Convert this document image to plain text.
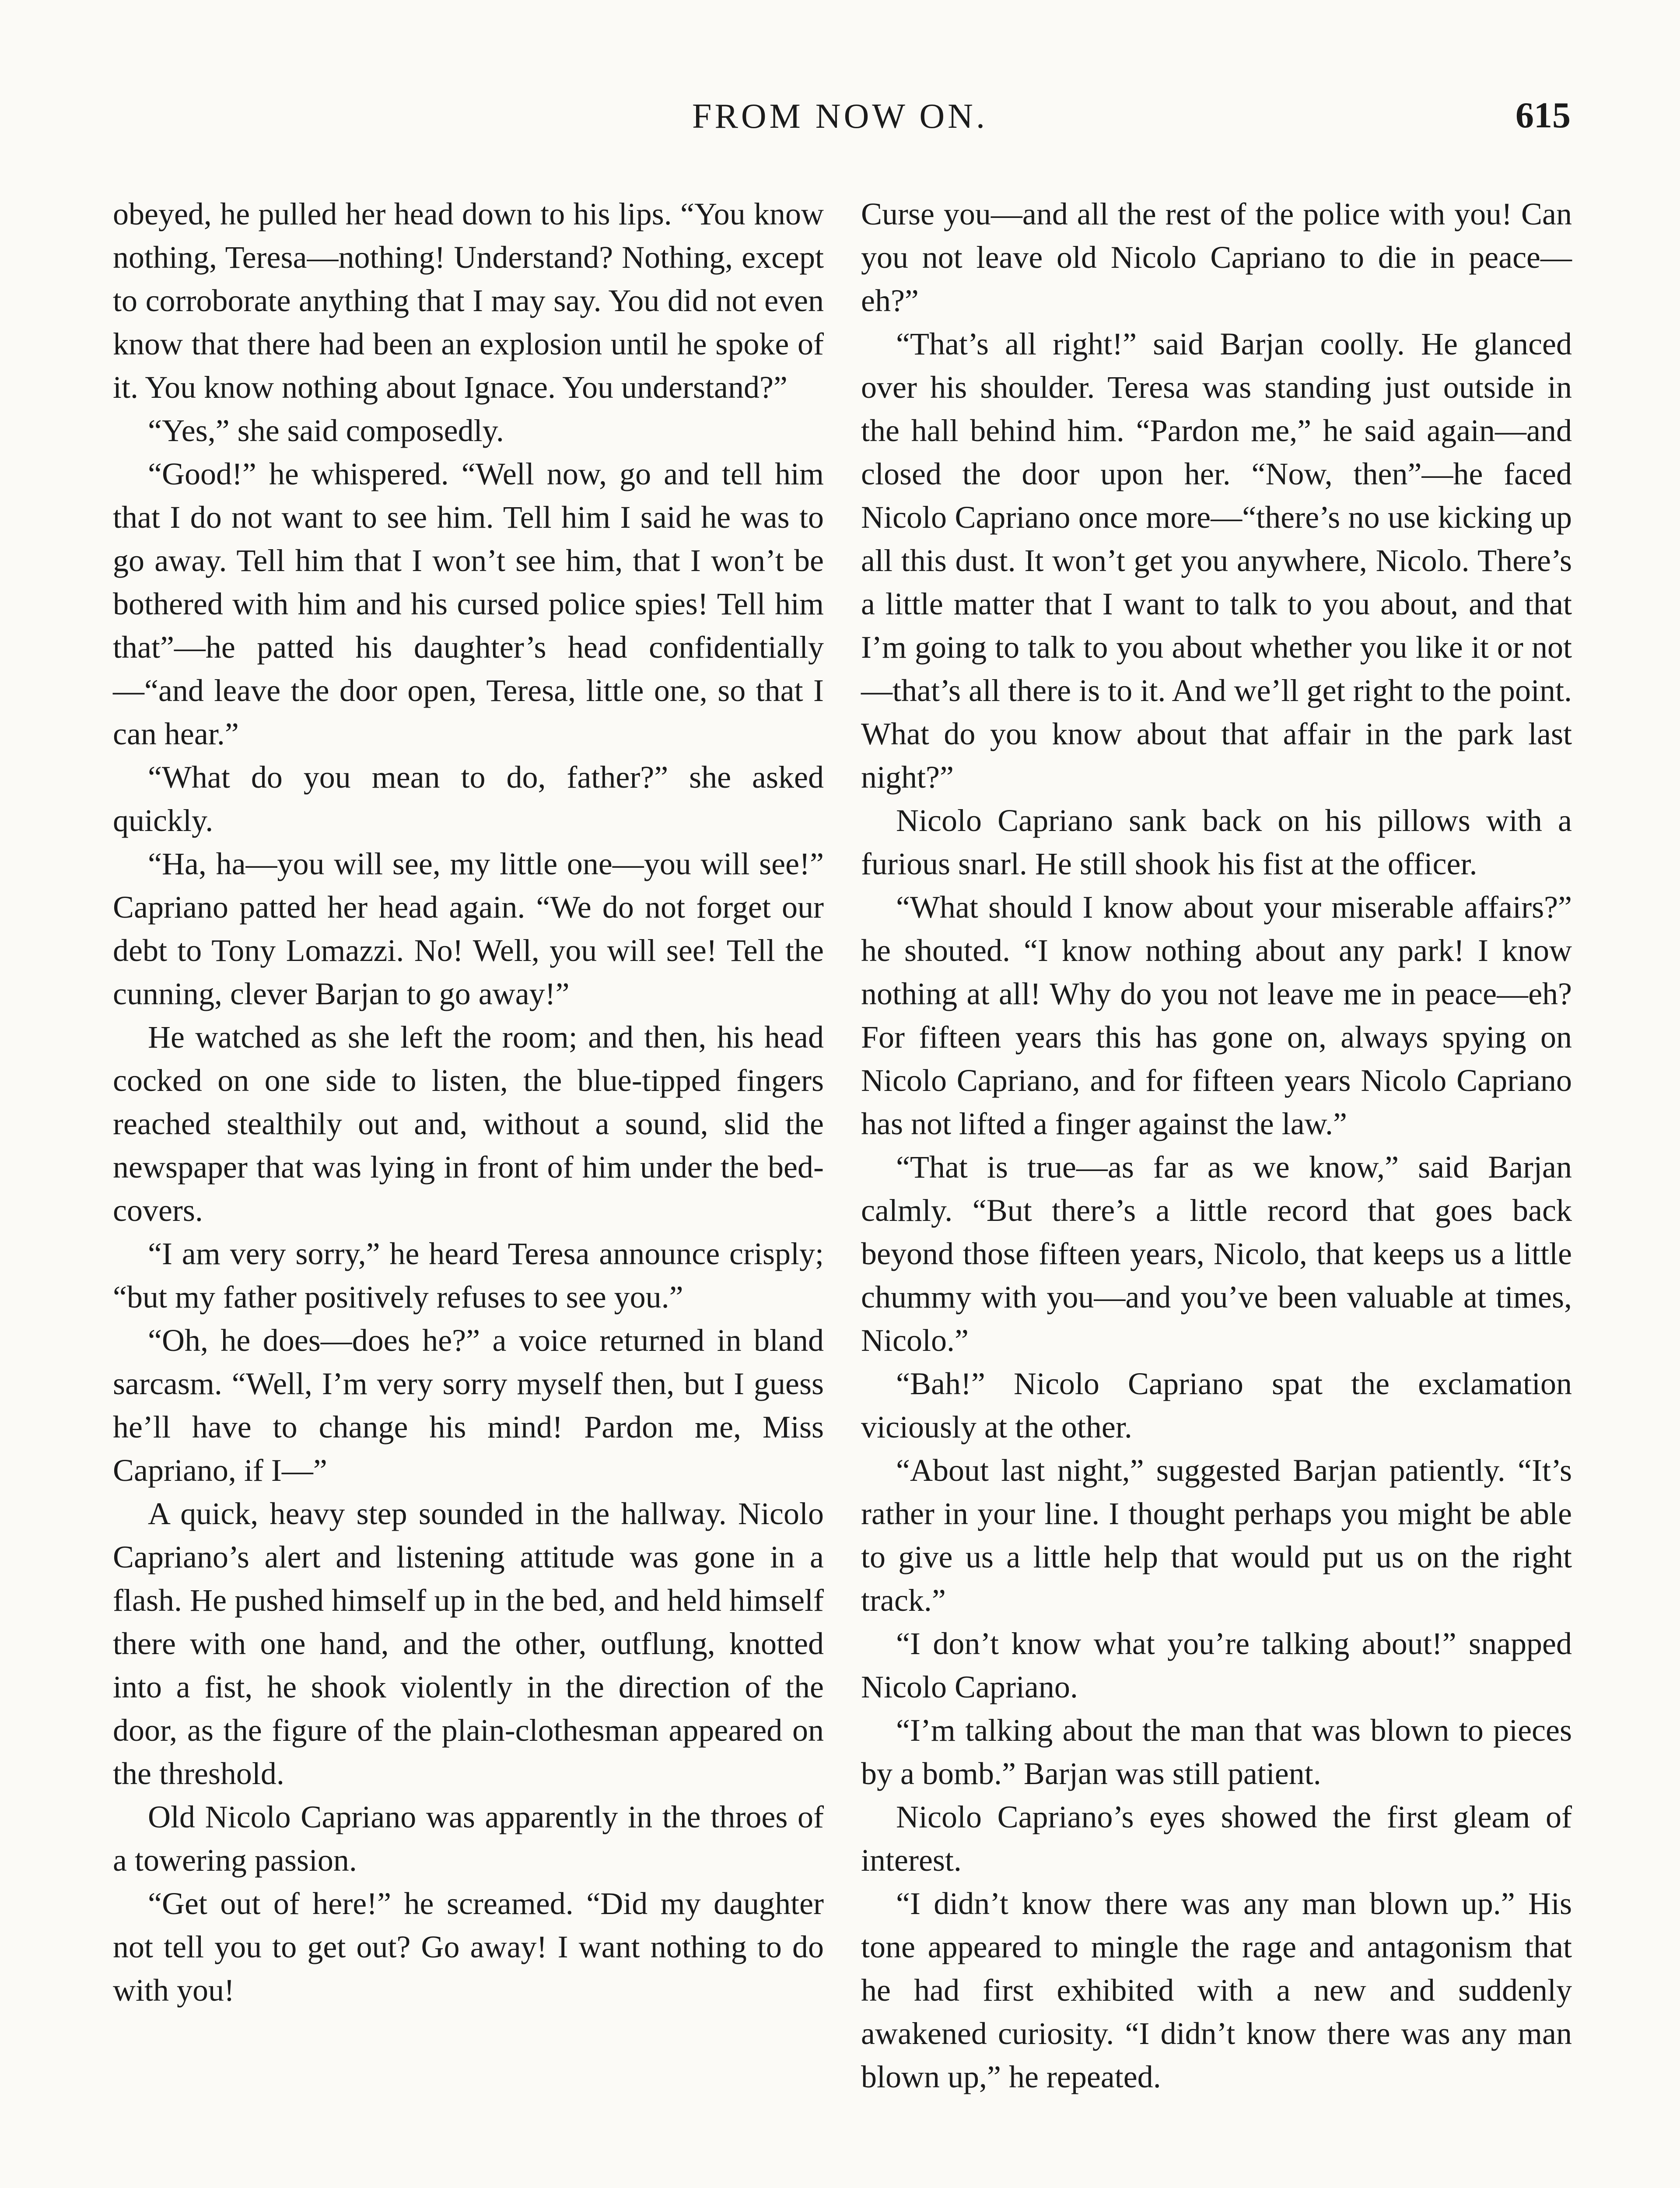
FROM NOW ON.	615

obeyed, he pulled her head down to his lips. “You know nothing, Teresa—nothing! Understand? Nothing, except to corroborate anything that I may say. You did not even know that there had been an explosion until he spoke of it. You know nothing about Ignace. You understand?”

“Yes,” she said composedly.

“Good!” he whispered. “Well now, go and tell him that I do not want to see him. Tell him I said he was to go away. Tell him that I won’t see him, that I won’t be bothered with him and his cursed police spies! Tell him that”—he patted his daughter’s head confidentially—“and leave the door open, Teresa, little one, so that I can hear.”

“What do you mean to do, father?” she asked quickly.

“Ha, ha—you will see, my little one—you will see!” Capriano patted her head again. “We do not forget our debt to Tony Lomazzi. No! Well, you will see! Tell the cunning, clever Barjan to go away!”

He watched as she left the room; and then, his head cocked on one side to listen, the blue-tipped fingers reached stealthily out and, without a sound, slid the newspaper that was lying in front of him under the bed-covers.

“I am very sorry,” he heard Teresa announce crisply; “but my father positively refuses to see you.”

“Oh, he does—does he?” a voice returned in bland sarcasm. “Well, I’m very sorry myself then, but I guess he’ll have to change his mind! Pardon me, Miss Capriano, if I—”

A quick, heavy step sounded in the hallway. Nicolo Capriano’s alert and listening attitude was gone in a flash. He pushed himself up in the bed, and held himself there with one hand, and the other, outflung, knotted into a fist, he shook violently in the direction of the door, as the figure of the plain-clothesman appeared on the threshold.

Old Nicolo Capriano was apparently in the throes of a towering passion.

“Get out of here!” he screamed. “Did my daughter not tell you to get out? Go away! I want nothing to do with you!

Curse you—and all the rest of the police with you! Can you not leave old Nicolo Capriano to die in peace—eh?”

“That’s all right!” said Barjan coolly. He glanced over his shoulder. Teresa was standing just outside in the hall behind him. “Pardon me,” he said again—and closed the door upon her. “Now, then”—he faced Nicolo Capriano once more—“there’s no use kicking up all this dust. It won’t get you anywhere, Nicolo. There’s a little matter that I want to talk to you about, and that I’m going to talk to you about whether you like it or not—that’s all there is to it. And we’ll get right to the point. What do you know about that affair in the park last night?”

Nicolo Capriano sank back on his pillows with a furious snarl. He still shook his fist at the officer.

“What should I know about your miserable affairs?” he shouted. “I know nothing about any park! I know nothing at all! Why do you not leave me in peace—eh? For fifteen years this has gone on, always spying on Nicolo Capriano, and for fifteen years Nicolo Capriano has not lifted a finger against the law.”

“That is true—as far as we know,” said Barjan calmly. “But there’s a little record that goes back beyond those fifteen years, Nicolo, that keeps us a little chummy with you—and you’ve been valuable at times, Nicolo.”

“Bah!” Nicolo Capriano spat the exclamation viciously at the other.

“About last night,” suggested Barjan patiently. “It’s rather in your line. I thought perhaps you might be able to give us a little help that would put us on the right track.”

“I don’t know what you’re talking about!” snapped Nicolo Capriano.

“I’m talking about the man that was blown to pieces by a bomb.” Barjan was still patient.

Nicolo Capriano’s eyes showed the first gleam of interest.

“I didn’t know there was any man blown up.” His tone appeared to mingle the rage and antagonism that he had first exhibited with a new and suddenly awakened curiosity. “I didn’t know there was any man blown up,” he repeated.
